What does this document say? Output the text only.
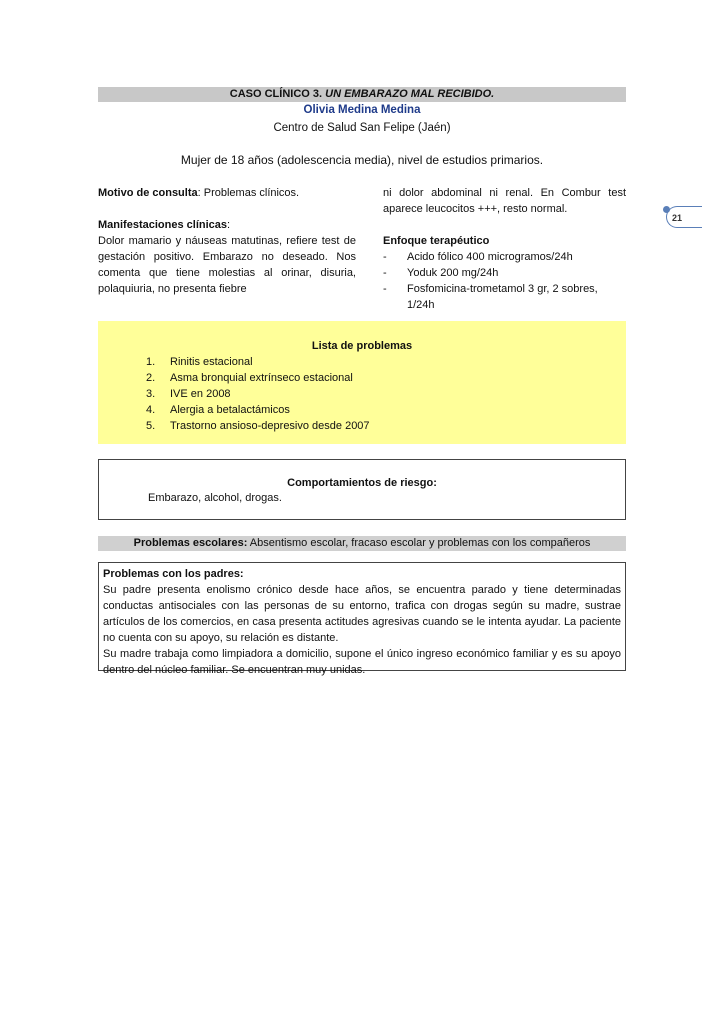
CASO CLÍNICO 3. UN EMBARAZO MAL RECIBIDO.
Olivia Medina Medina
Centro de Salud San Felipe (Jaén)
Mujer de 18 años (adolescencia media), nivel de estudios primarios.
Motivo de consulta: Problemas clínicos.
Manifestaciones clínicas:
Dolor mamario y náuseas matutinas, refiere test de gestación positivo. Embarazo no deseado. Nos comenta que tiene molestias al orinar, disuria, polaquiuria, no presenta fiebre
ni dolor abdominal ni renal. En Combur test aparece leucocitos +++, resto normal.
Enfoque terapéutico
-	Acido fólico 400 microgramos/24h
-	Yoduk 200 mg/24h
-	Fosfomicina-trometamol 3 gr, 2 sobres, 1/24h
21
Lista de problemas
1.	Rinitis estacional
2.	Asma bronquial extrínseco estacional
3.	IVE en 2008
4.	Alergia a betalactámicos
5.	Trastorno ansioso-depresivo desde 2007
Comportamientos de riesgo:
Embarazo, alcohol, drogas.
Problemas escolares: Absentismo escolar, fracaso escolar y problemas con los compañeros
Problemas con los padres:
Su padre presenta enolismo crónico desde hace años, se encuentra parado y tiene determinadas conductas antisociales con las personas de su entorno, trafica con drogas según su madre, sustrae artículos de los comercios, en casa presenta actitudes agresivas cuando se le intenta ayudar. La paciente no cuenta con su apoyo, su relación es distante.
Su madre trabaja como limpiadora a domicilio, supone el único ingreso económico familiar y es su apoyo dentro del núcleo familiar. Se encuentran muy unidas.
